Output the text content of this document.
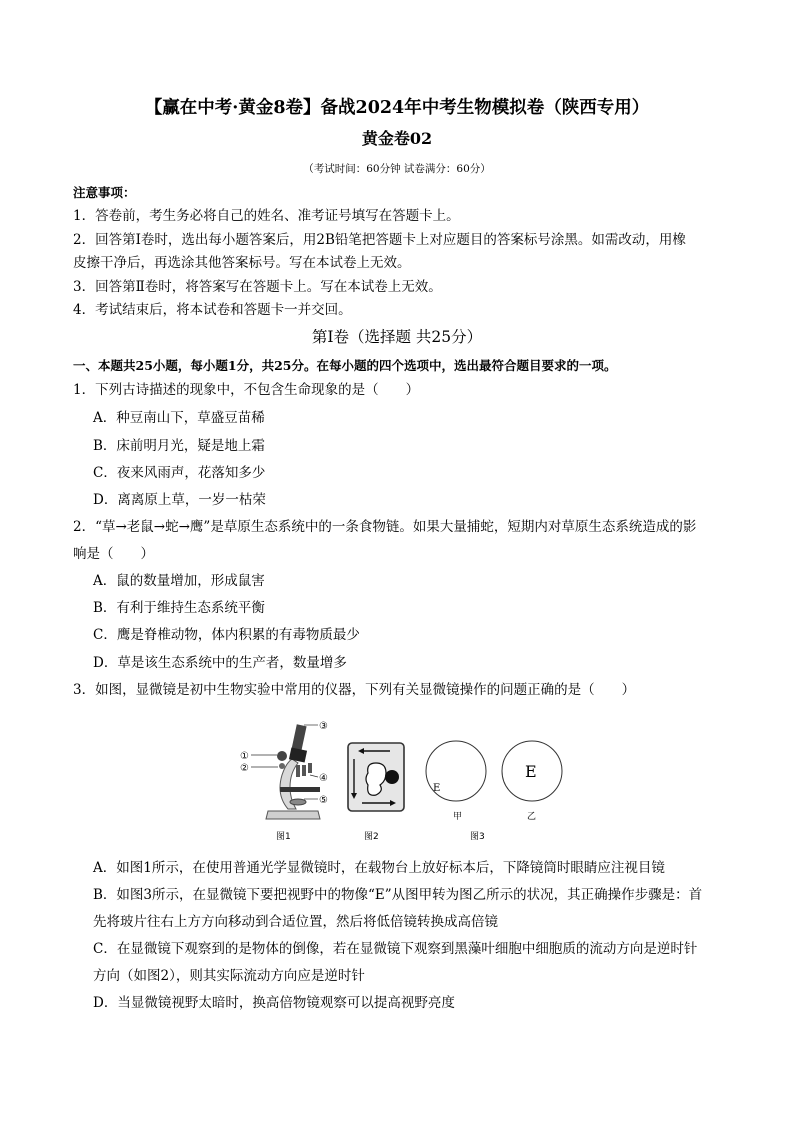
【赢在中考·黄金8卷】备战2024年中考生物模拟卷（陕西专用）
黄金卷02
（考试时间：60分钟 试卷满分：60分）
注意事项：
1．答卷前，考生务必将自己的姓名、准考证号填写在答题卡上。
2．回答第Ⅰ卷时，选出每小题答案后，用2B铅笔把答题卡上对应题目的答案标号涂黑。如需改动，用橡
皮擦干净后，再选涂其他答案标号。写在本试卷上无效。
3．回答第Ⅱ卷时，将答案写在答题卡上。写在本试卷上无效。
4．考试结束后，将本试卷和答题卡一并交回。
第Ⅰ卷（选择题 共25分）
一、本题共25小题，每小题1分，共25分。在每小题的四个选项中，选出最符合题目要求的一项。
1．下列古诗描述的现象中，不包含生命现象的是（　　）
A．种豆南山下，草盛豆苗稀
B．床前明月光，疑是地上霜
C．夜来风雨声，花落知多少
D．离离原上草，一岁一枯荣
2．“草→老鼠→蛇→鹰”是草原生态系统中的一条食物链。如果大量捕蛇，短期内对草原生态系统造成的影
响是（　　）
A．鼠的数量增加，形成鼠害
B．有利于维持生态系统平衡
C．鹰是脊椎动物，体内积累的有毒物质最少
D．草是该生态系统中的生产者，数量增多
3．如图，显微镜是初中生物实验中常用的仪器，下列有关显微镜操作的问题正确的是（　　）
①
②
③
④
⑤
图1	图2
E
甲
E
乙
图3
A．如图1所示，在使用普通光学显微镜时，在载物台上放好标本后，下降镜筒时眼睛应注视目镜
B．如图3所示，在显微镜下要把视野中的物像“E”从图甲转为图乙所示的状况，其正确操作步骤是：首
先将玻片往右上方方向移动到合适位置，然后将低倍镜转换成高倍镜
C．在显微镜下观察到的是物体的倒像，若在显微镜下观察到黑藻叶细胞中细胞质的流动方向是逆时针
方向（如图2），则其实际流动方向应是逆时针
D．当显微镜视野太暗时，换高倍物镜观察可以提高视野亮度
